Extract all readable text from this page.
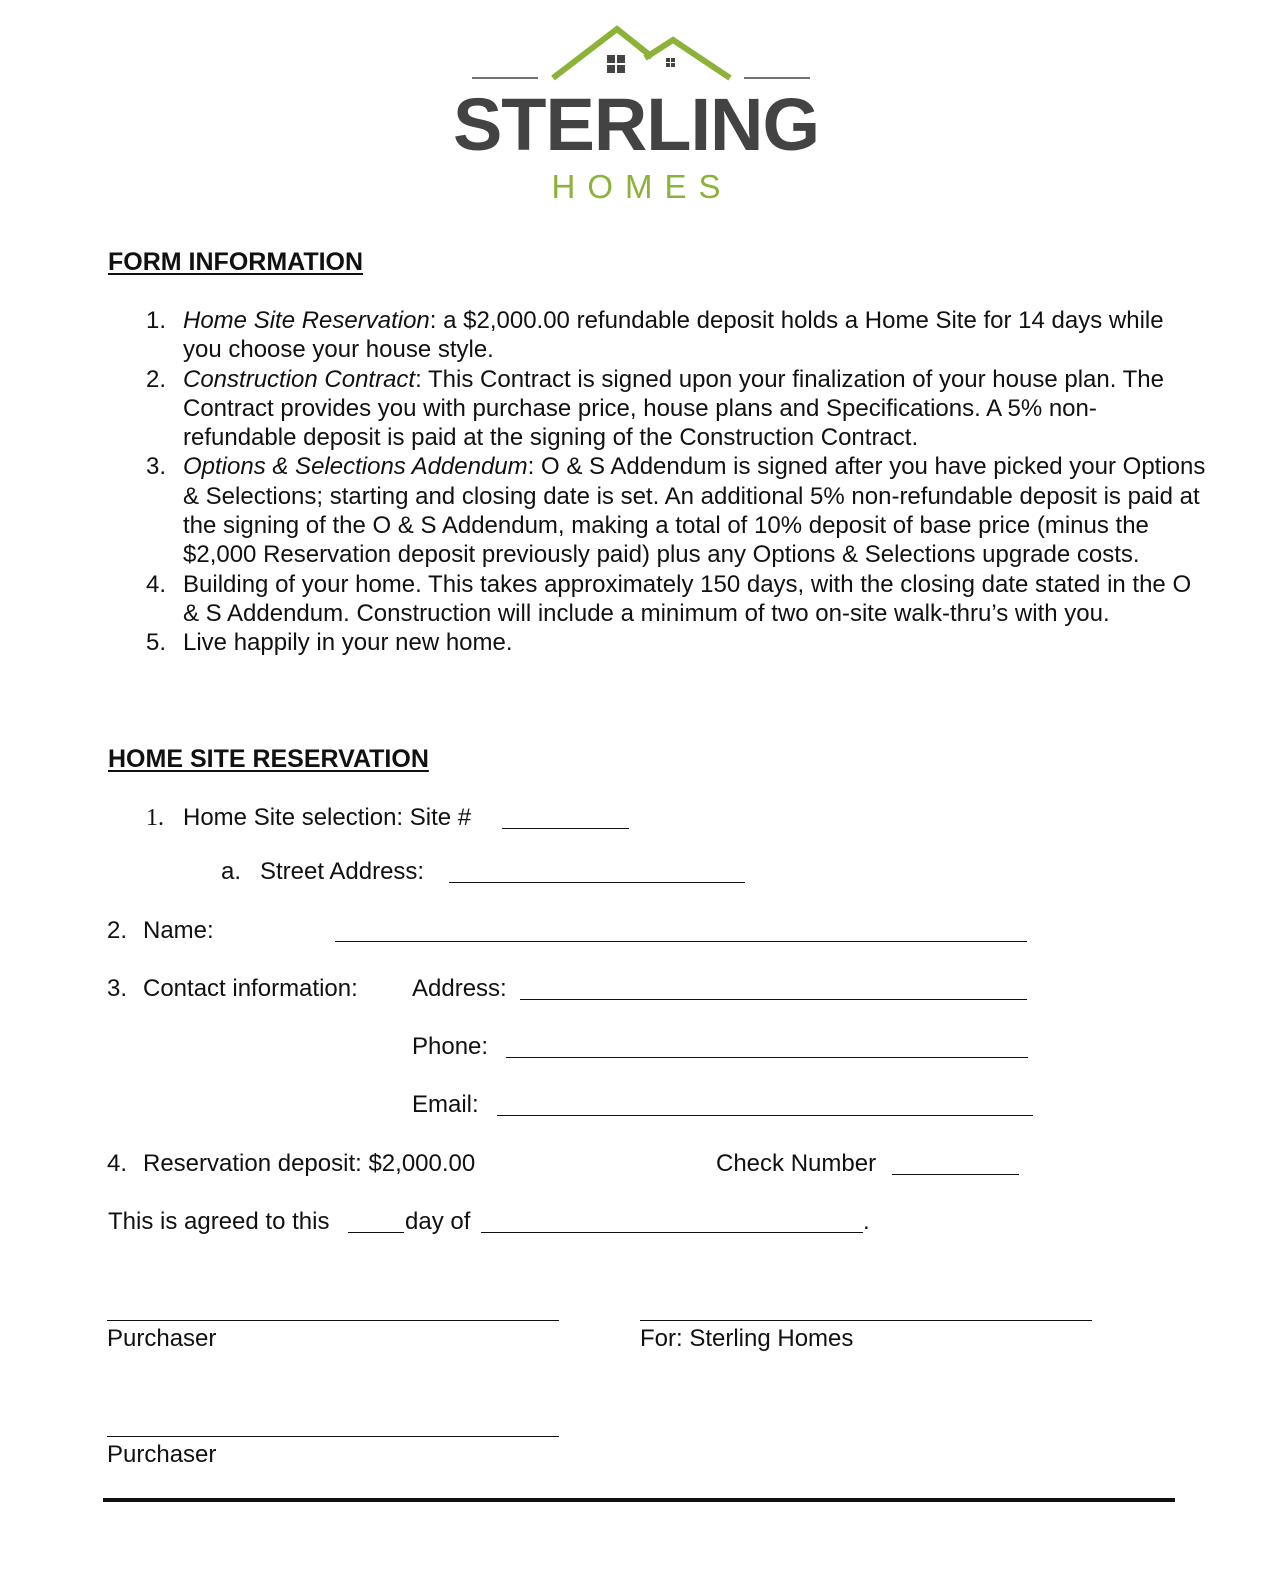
STERLING
HOMES
FORM INFORMATION
1. Home Site Reservation: a $2,000.00 refundable deposit holds a Home Site for 14 days while you choose your house style.
2. Construction Contract: This Contract is signed upon your finalization of your house plan. The Contract provides you with purchase price, house plans and Specifications. A 5% non-refundable deposit is paid at the signing of the Construction Contract.
3. Options & Selections Addendum: O & S Addendum is signed after you have picked your Options & Selections; starting and closing date is set. An additional 5% non-refundable deposit is paid at the signing of the O & S Addendum, making a total of 10% deposit of base price (minus the $2,000 Reservation deposit previously paid) plus any Options & Selections upgrade costs.
4. Building of your home. This takes approximately 150 days, with the closing date stated in the O & S Addendum. Construction will include a minimum of two on-site walk-thru’s with you.
5. Live happily in your new home.
HOME SITE RESERVATION
1. Home Site selection: Site #
a. Street Address:
2. Name:
3. Contact information: Address:
Phone:
Email:
4. Reservation deposit: $2,000.00	Check Number
This is agreed to this	day of	.
Purchaser	For: Sterling Homes
Purchaser
